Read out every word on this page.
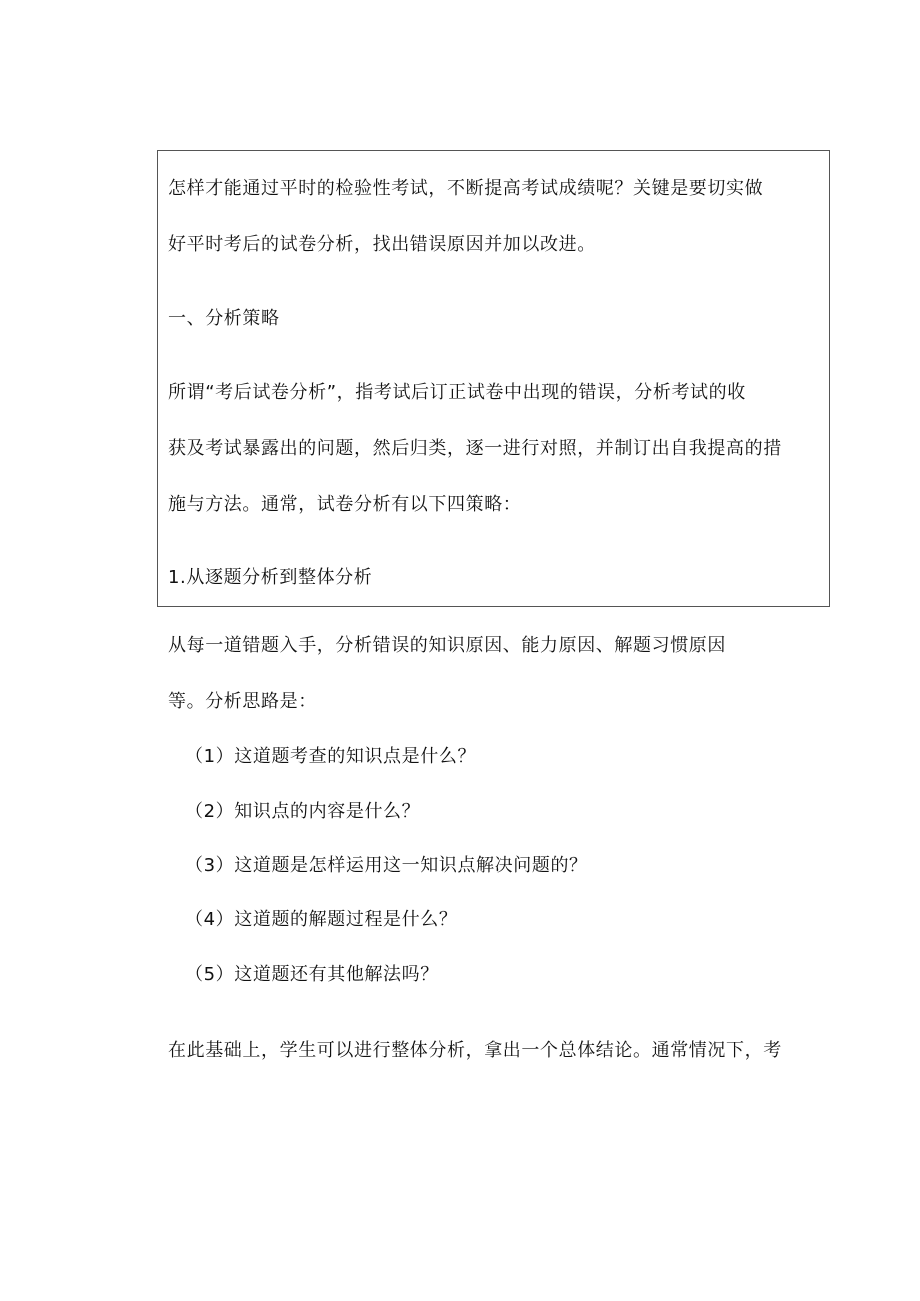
怎样才能通过平时的检验性考试，不断提高考试成绩呢？关键是要切实做
好平时考后的试卷分析，找出错误原因并加以改进。
一、分析策略
所谓“考后试卷分析”，指考试后订正试卷中出现的错误，分析考试的收
获及考试暴露出的问题，然后归类，逐一进行对照，并制订出自我提高的措
施与方法。通常，试卷分析有以下四策略：
1.从逐题分析到整体分析
从每一道错题入手，分析错误的知识原因、能力原因、解题习惯原因
等。分析思路是：
（1）这道题考查的知识点是什么？
（2）知识点的内容是什么？
（3）这道题是怎样运用这一知识点解决问题的？
（4）这道题的解题过程是什么？
（5）这道题还有其他解法吗？
在此基础上，学生可以进行整体分析，拿出一个总体结论。通常情况下，考
